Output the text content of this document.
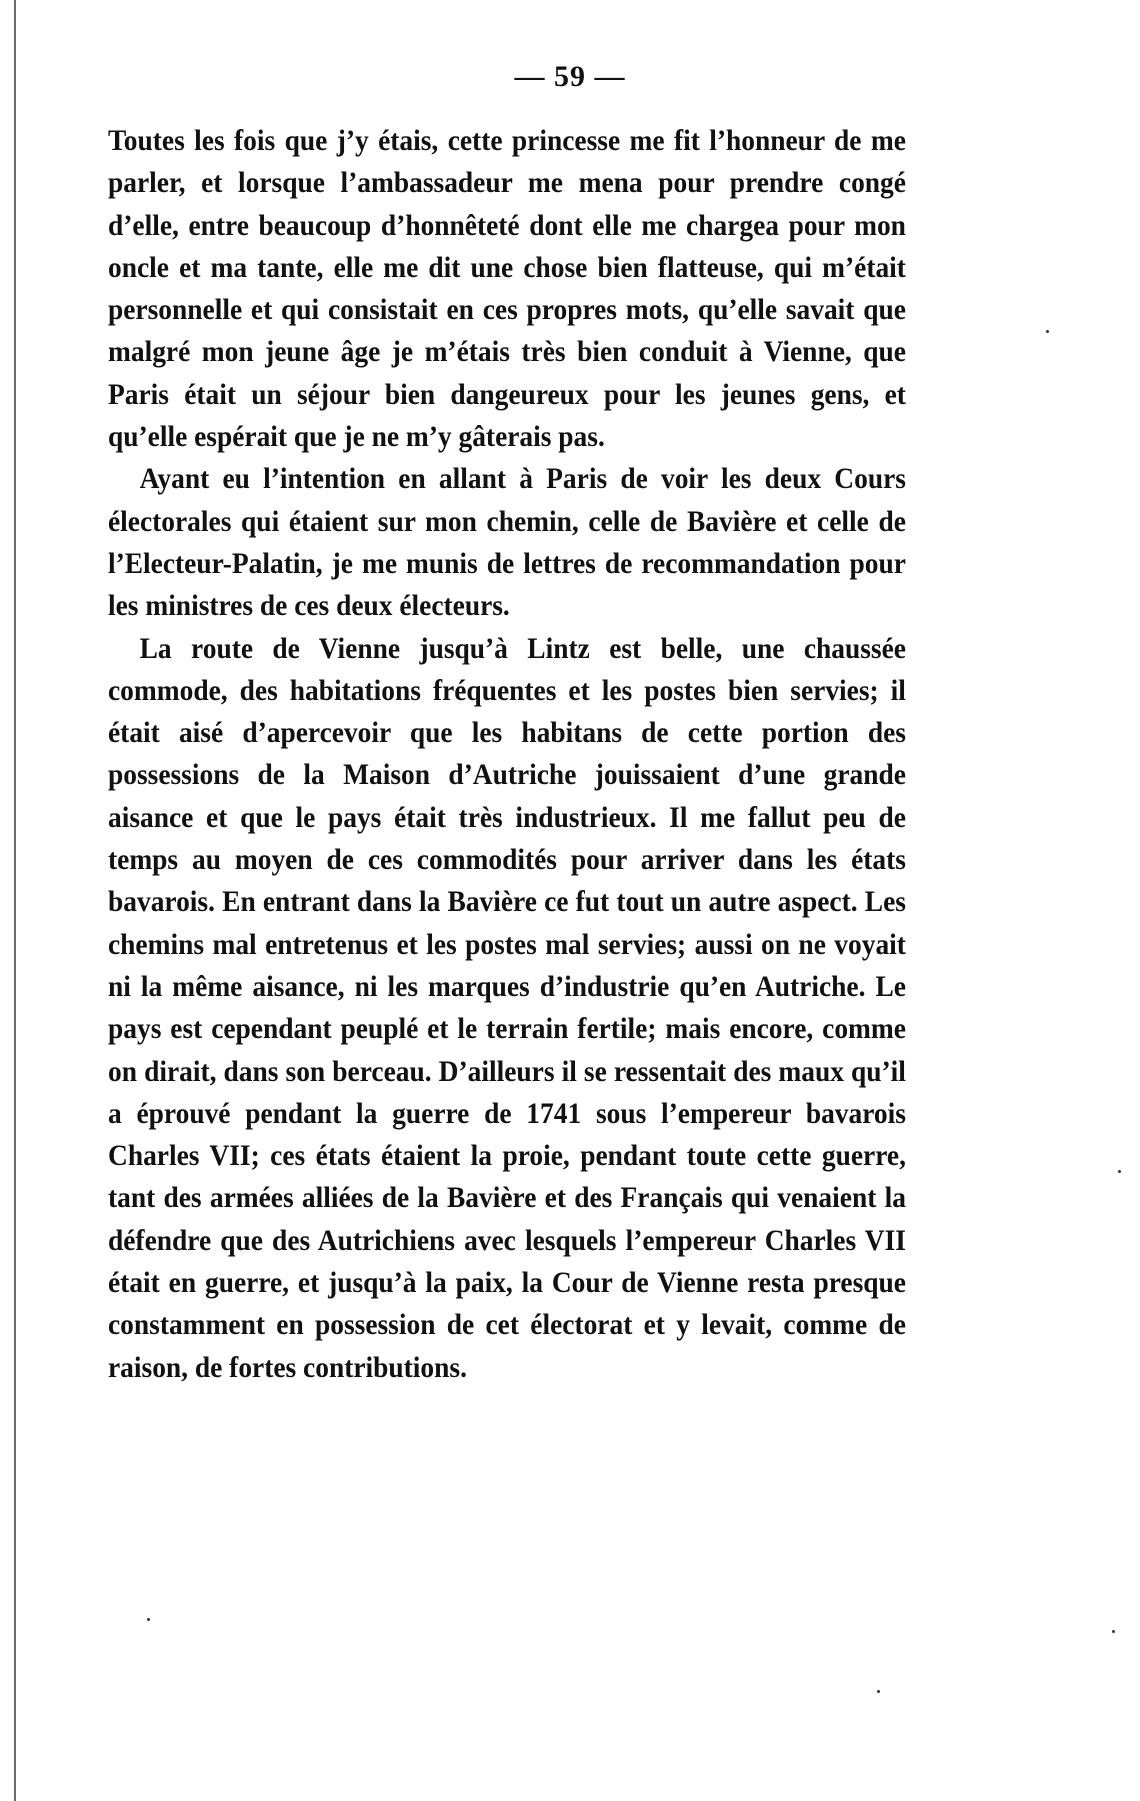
— 59 —

Toutes les fois que j’y étais, cette princesse me fit l’honneur de me parler, et lorsque l’ambassadeur me mena pour prendre congé d’elle, entre beaucoup d’honnêteté dont elle me chargea pour mon oncle et ma tante, elle me dit une chose bien flatteuse, qui m’était personnelle et qui consistait en ces propres mots, qu’elle savait que malgré mon jeune âge je m’étais très bien conduit à Vienne, que Paris était un séjour bien dangeureux pour les jeunes gens, et qu’elle espérait que je ne m’y gâterais pas.

Ayant eu l’intention en allant à Paris de voir les deux Cours électorales qui étaient sur mon chemin, celle de Bavière et celle de l’Electeur-Palatin, je me munis de lettres de recommandation pour les ministres de ces deux électeurs.

La route de Vienne jusqu’à Lintz est belle, une chaussée commode, des habitations fréquentes et les postes bien servies; il était aisé d’apercevoir que les habitans de cette portion des possessions de la Maison d’Autriche jouissaient d’une grande aisance et que le pays était très industrieux. Il me fallut peu de temps au moyen de ces commodités pour arriver dans les états bavarois. En entrant dans la Bavière ce fut tout un autre aspect. Les chemins mal entretenus et les postes mal servies; aussi on ne voyait ni la même aisance, ni les marques d’industrie qu’en Autriche. Le pays est cependant peuplé et le terrain fertile; mais encore, comme on dirait, dans son berceau. D’ailleurs il se ressentait des maux qu’il a éprouvé pendant la guerre de 1741 sous l’empereur bavarois Charles VII; ces états étaient la proie, pendant toute cette guerre, tant des armées alliées de la Bavière et des Français qui venaient la défendre que des Autrichiens avec lesquels l’empereur Charles VII était en guerre, et jusqu’à la paix, la Cour de Vienne resta presque constamment en possession de cet électorat et y levait, comme de raison, de fortes contributions.
